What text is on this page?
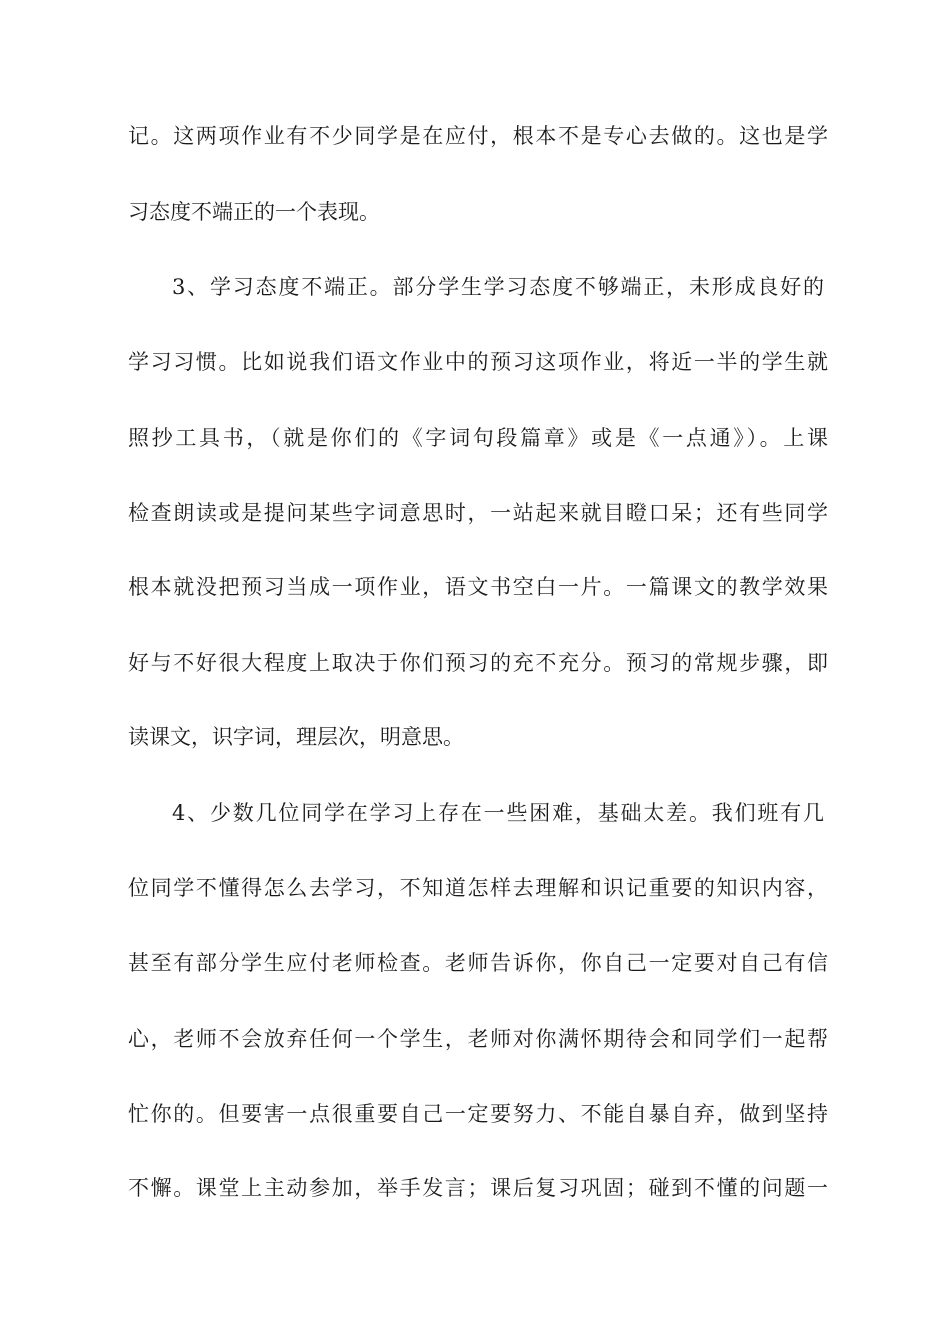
记。这两项作业有不少同学是在应付，根本不是专心去做的。这也是学
习态度不端正的一个表现。
3、学习态度不端正。部分学生学习态度不够端正，未形成良好的
学习习惯。比如说我们语文作业中的预习这项作业，将近一半的学生就
照抄工具书，（就是你们的《字词句段篇章》或是《一点通》）。上课
检查朗读或是提问某些字词意思时，一站起来就目瞪口呆；还有些同学
根本就没把预习当成一项作业，语文书空白一片。一篇课文的教学效果
好与不好很大程度上取决于你们预习的充不充分。预习的常规步骤，即
读课文，识字词，理层次，明意思。
4、少数几位同学在学习上存在一些困难，基础太差。我们班有几
位同学不懂得怎么去学习，不知道怎样去理解和识记重要的知识内容，
甚至有部分学生应付老师检查。老师告诉你，你自己一定要对自己有信
心，老师不会放弃任何一个学生，老师对你满怀期待会和同学们一起帮
忙你的。但要害一点很重要自己一定要努力、不能自暴自弃，做到坚持
不懈。课堂上主动参加，举手发言；课后复习巩固；碰到不懂的问题一
